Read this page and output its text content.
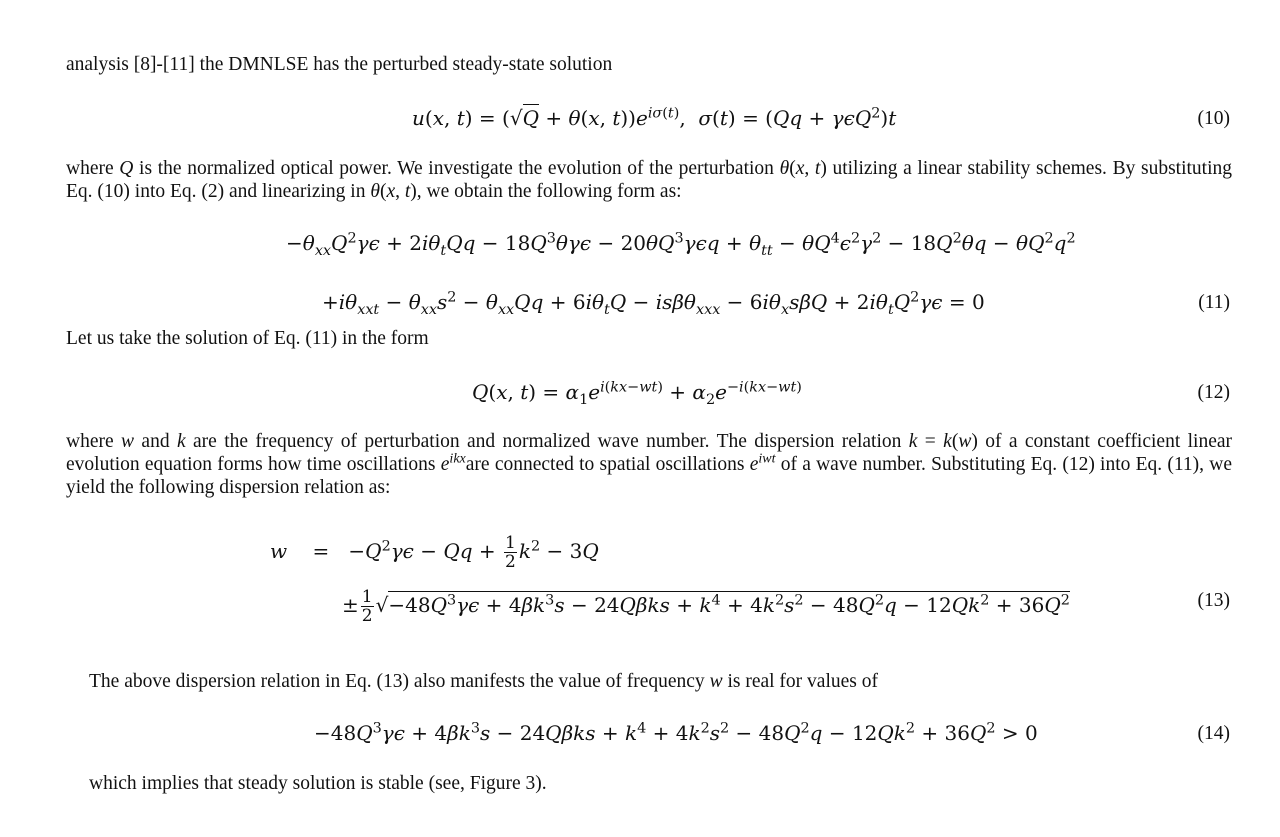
analysis [8]-[11] the DMNLSE has the perturbed steady-state solution
u(x, t) = (√Q + θ(x, $t))e^{i\sigma(t)}$,  σ(t) = (Qq + γϵQ$^2$)t	(10)
where Q is the normalized optical power. We investigate the evolution of the perturbation θ(x, t) utilizing a linear stability schemes. By substituting Eq. (10) into Eq. (2) and linearizing in θ(x, t), we obtain the following form as:
$-\theta_{xx}Q^2\gamma\epsilon + 2i\theta_tQq - 18Q^3\theta\gamma\epsilon - 20\theta Q^3\gamma\epsilon q + \theta_{tt} - \theta Q^4\epsilon^2\gamma^2 - 18Q^2\theta q - \theta Q^2q^2$
$+i\theta_{xxt} - \theta_{xx}s^2 - \theta_{xx}Qq + 6i\theta_tQ - is\beta\theta_{xxx} - 6i\theta_xs\beta Q + 2i\theta_tQ^2\gamma\epsilon = 0$	(11)
Let us take the solution of Eq. (11) in the form
Q(x, $t) = \alpha_1e^{i(kx-wt)} + \alpha_2e^{-i(kx-wt)}$	(12)
where w and k are the frequency of perturbation and normalized wave number. The dispersion relation k = k(w) of a constant coefficient linear evolution equation forms how time oscillations $e^{ikx}are$ connected to spatial oscillations $e^{iwt}$ of a wave number. Substituting Eq. (12) into Eq. (11), we yield the following dispersion relation as:
w    =   $-Q^2\gamma\epsilon - Qq + \frac{1}{2} k^2 - 3Q$
± $\frac{1}{2} √-48Q^3\gamma\epsilon + 4\beta k^3s - 24Q\beta ks + k^4 + 4k^2s^2 - 48Q^2q - 12Qk^2 + 36Q^2$	(13)
The above dispersion relation in Eq. (13) also manifests the value of frequency w is real for values of
$-48Q^3\gamma\epsilon + 4\beta k^3s - 24Q\beta ks + k^4 + 4k^2s^2 - 48Q^2q - 12Qk^2 + 36Q^2 > 0$	(14)
which implies that steady solution is stable (see, Figure 3).
